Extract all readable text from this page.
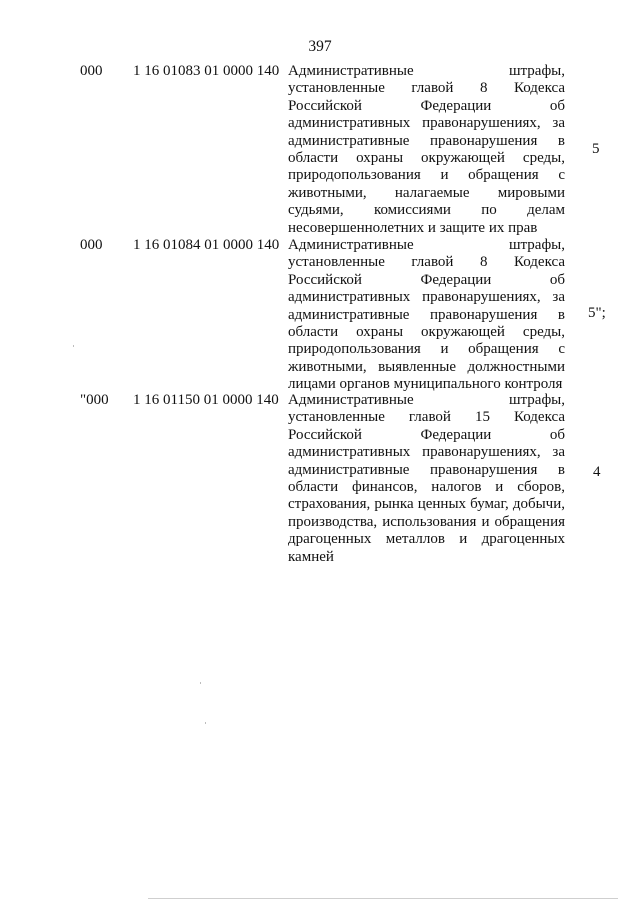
397
000 1 16 01083 01 0000 140 Административные штрафы,
установленные главой 8 Кодекса
Российской Федерации об
административных правонарушениях, за
административные правонарушения в
области охраны окружающей среды,
природопользования и обращения с
животными, налагаемые мировыми
судьями, комиссиями по делам
несовершеннолетних и защите их прав
5
000 1 16 01084 01 0000 140 Административные штрафы,
установленные главой 8 Кодекса
Российской Федерации об
административных правонарушениях, за
административные правонарушения в
области охраны окружающей среды,
природопользования и обращения с
животными, выявленные должностными
лицами органов муниципального контроля
5";
"000 1 16 01150 01 0000 140 Административные штрафы,
установленные главой 15 Кодекса
Российской Федерации об
административных правонарушениях, за
административные правонарушения в
области финансов, налогов и сборов,
страхования, рынка ценных бумаг, добычи,
производства, использования и обращения
драгоценных металлов и драгоценных
камней
4
